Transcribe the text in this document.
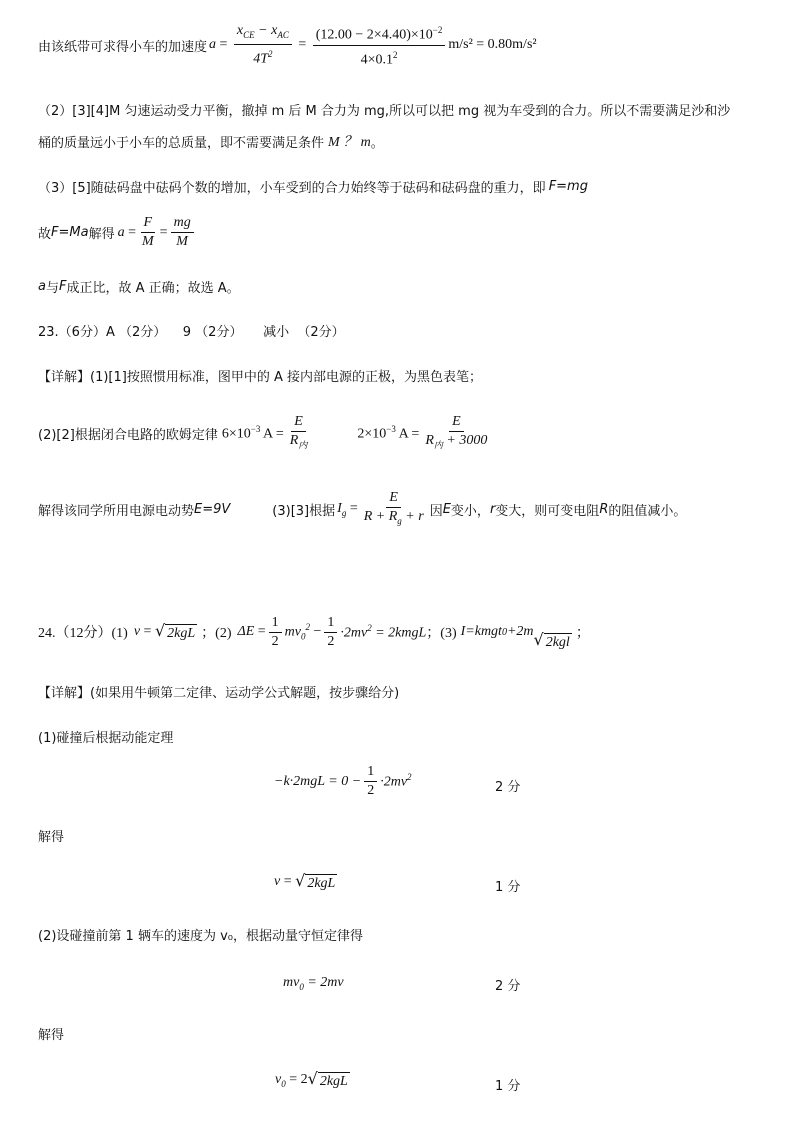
由该纸带可求得小车的加速度 $a = \frac{x_{CE} - x_{AC}}{4T^2} = \frac{(12.00 - 2\times 4.40)\times 10^{-2}}{4\times 0.1^2} m/s^2 = 0.80m/s^2$
（2）[3][4]M 匀速运动受力平衡，撤掉 m 后 M 合力为 mg,所以可以把 mg 视为车受到的合力。所以不需要满足沙和沙
桶的质量远小于小车的总质量，即不需要满足条件 M ？ m 。
（3）[5]随砝码盘中砝码个数的增加，小车受到的合力始终等于砝码和砝码盘的重力，即 F=mg
故 F=Ma 解得 $a = \frac{F}{M} = \frac{mg}{M}$
a 与 F 成正比，故 A 正确；故选 A。
23.（6分）A （2分）    9 （2分）     减小  （2分）
【详解】(1)[1]按照惯用标准，图甲中的 A 接内部电源的正极，为黑色表笔；
(2)[2]根据闭合电路的欧姆定律 $6\times 10^{-3}$ $A = \frac{E}{R_内}$	$2\times 10^{-3}$ $A = \frac{E}{R_内 + 3000}$
解得该同学所用电源电动势 E=9V	(3)[3]根据 $I_g = \frac{E}{R + R_g + r}$ 因 E 变小， r 变大，则可变电阻 R 的阻值减小。
24.（12分）(1) v = √ 2kgL ；(2) $\Delta E = \frac{1}{2} mv_0^2 - \frac{1}{2} \cdot 2mv^2$ = 2kmgL ；(3) I=kmgt 0 +2m √ 2kgl
；
【详解】(如果用牛顿第二定律、运动学公式解题，按步骤给分)
(1)碰撞后根据动能定理
$-k\cdot 2mgL = 0 - \frac{1}{2} \cdot 2mv^2$
2 分
解得
v = √ 2kgL	1 分
(2)设碰撞前第 1 辆车的速度为 v₀，根据动量守恒定律得
$mv_0 = 2mv$	2 分
解得
$v_0 = 2$ √ 2kgL	1 分
